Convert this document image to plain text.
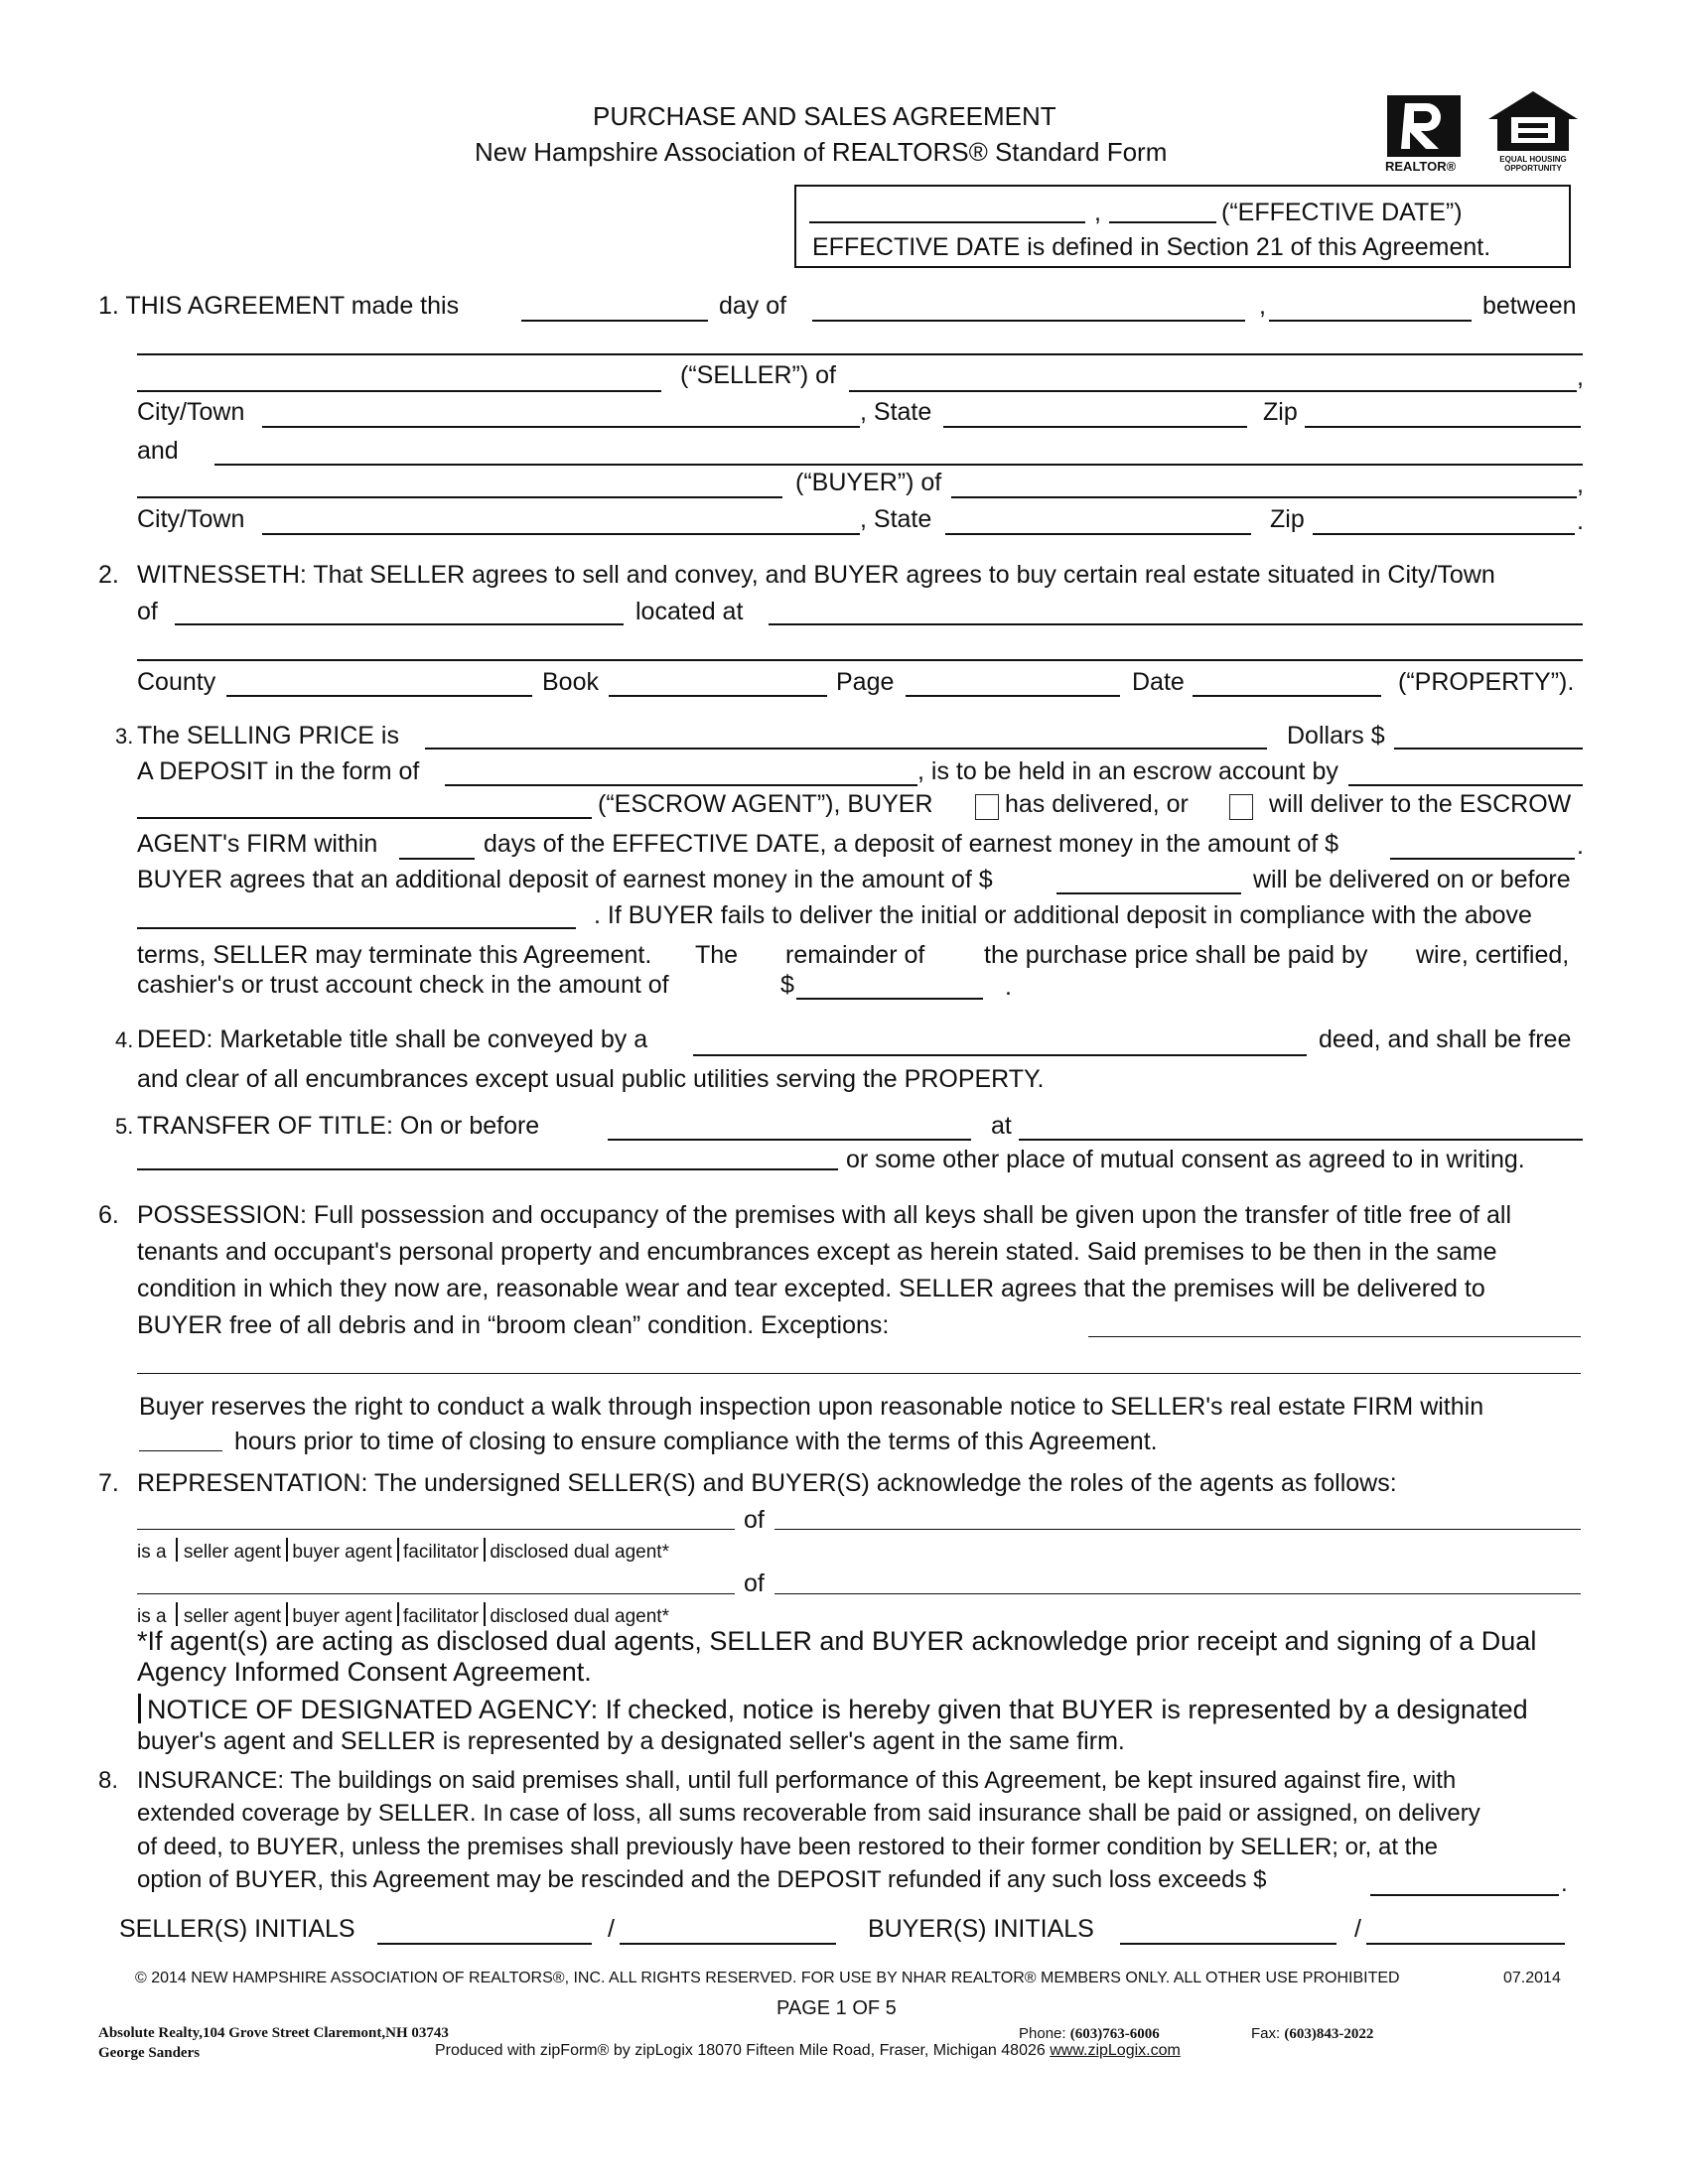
PURCHASE AND SALES AGREEMENT
New Hampshire Association of REALTORS® Standard Form	REALTOR®	EQUAL HOUSING OPPORTUNITY
,	(“EFFECTIVE DATE”)
EFFECTIVE DATE is defined in Section 21 of this Agreement.
1. THIS AGREEMENT made this	day of	,	between
(“SELLER”) of	,
City/Town	, State	Zip
and
(“BUYER”) of	,
City/Town	, State	Zip	.
2. WITNESSETH: That SELLER agrees to sell and convey, and BUYER agrees to buy certain real estate situated in City/Town
of	located at
County	Book	Page	Date	(“PROPERTY”).
3. The SELLING PRICE is	Dollars $
A DEPOSIT in the form of	, is to be held in an escrow account by
(“ESCROW AGENT”), BUYER	has delivered, or	will deliver to the ESCROW
AGENT's FIRM within	days of the EFFECTIVE DATE, a deposit of earnest money in the amount of $	.
BUYER agrees that an additional deposit of earnest money in the amount of $	will be delivered on or before
. If BUYER fails to deliver the initial or additional deposit in compliance with the above
terms, SELLER may terminate this Agreement. The remainder of the purchase price shall be paid by wire, certified,
cashier's or trust account check in the amount of	$	.
4. DEED: Marketable title shall be conveyed by a	deed, and shall be free
and clear of all encumbrances except usual public utilities serving the PROPERTY.
5. TRANSFER OF TITLE: On or before	at
or some other place of mutual consent as agreed to in writing.
6. POSSESSION: Full possession and occupancy of the premises with all keys shall be given upon the transfer of title free of all
tenants and occupant's personal property and encumbrances except as herein stated. Said premises to be then in the same
condition in which they now are, reasonable wear and tear excepted. SELLER agrees that the premises will be delivered to
BUYER free of all debris and in “broom clean” condition. Exceptions:
Buyer reserves the right to conduct a walk through inspection upon reasonable notice to SELLER's real estate FIRM within
hours prior to time of closing to ensure compliance with the terms of this Agreement.
7. REPRESENTATION: The undersigned SELLER(S) and BUYER(S) acknowledge the roles of the agents as follows:
of
is a seller agent buyer agent facilitator disclosed dual agent*
of
is a seller agent buyer agent facilitator disclosed dual agent*
*If agent(s) are acting as disclosed dual agents, SELLER and BUYER acknowledge prior receipt and signing of a Dual
Agency Informed Consent Agreement.
NOTICE OF DESIGNATED AGENCY: If checked, notice is hereby given that BUYER is represented by a designated
buyer's agent and SELLER is represented by a designated seller's agent in the same firm.
8. INSURANCE: The buildings on said premises shall, until full performance of this Agreement, be kept insured against fire, with
extended coverage by SELLER. In case of loss, all sums recoverable from said insurance shall be paid or assigned, on delivery
of deed, to BUYER, unless the premises shall previously have been restored to their former condition by SELLER; or, at the
option of BUYER, this Agreement may be rescinded and the DEPOSIT refunded if any such loss exceeds $	.
SELLER(S) INITIALS	/	BUYER(S) INITIALS	/
© 2014 NEW HAMPSHIRE ASSOCIATION OF REALTORS®, INC. ALL RIGHTS RESERVED. FOR USE BY NHAR REALTOR® MEMBERS ONLY. ALL OTHER USE PROHIBITED	07.2014
PAGE 1 OF 5
Absolute Realty,104 Grove Street Claremont,NH 03743
George Sanders
Phone: (603)763-6006	Fax: (603)843-2022
Produced with zipForm® by zipLogix 18070 Fifteen Mile Road, Fraser, Michigan 48026 www.zipLogix.com
